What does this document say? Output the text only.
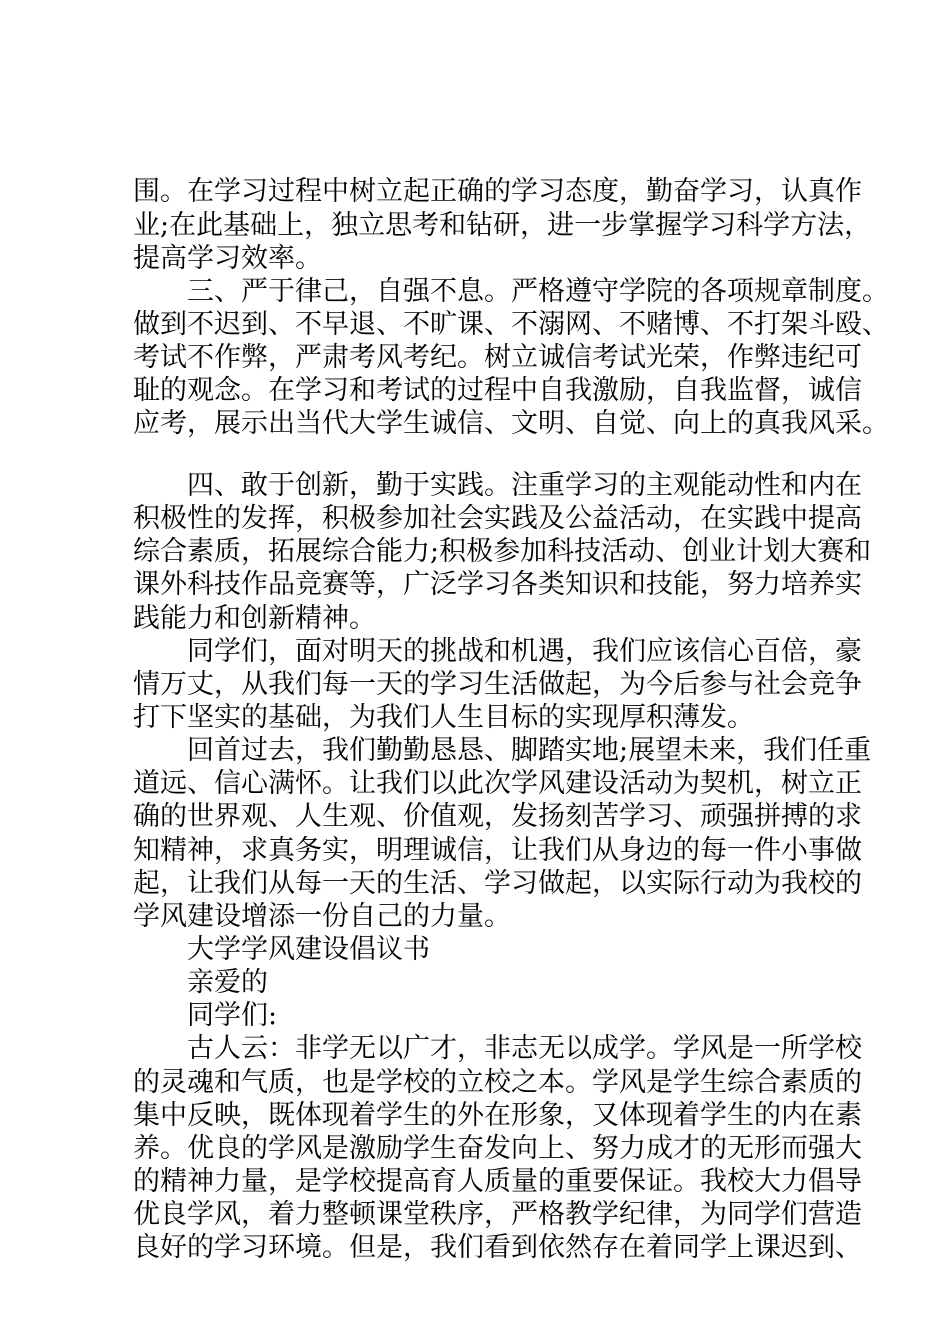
围。在学习过程中树立起正确的学习态度，勤奋学习，认真作

业;在此基础上，独立思考和钻研，进一步掌握学习科学方法，

提高学习效率。

三、严于律己，自强不息。严格遵守学院的各项规章制度。

做到不迟到、不早退、不旷课、不溺网、不赌博、不打架斗殴、

考试不作弊，严肃考风考纪。树立诚信考试光荣，作弊违纪可

耻的观念。在学习和考试的过程中自我激励，自我监督，诚信

应考，展示出当代大学生诚信、文明、自觉、向上的真我风采。

四、敢于创新，勤于实践。注重学习的主观能动性和内在

积极性的发挥，积极参加社会实践及公益活动，在实践中提高

综合素质，拓展综合能力;积极参加科技活动、创业计划大赛和

课外科技作品竞赛等，广泛学习各类知识和技能，努力培养实

践能力和创新精神。

同学们，面对明天的挑战和机遇，我们应该信心百倍，豪

情万丈，从我们每一天的学习生活做起，为今后参与社会竞争

打下坚实的基础，为我们人生目标的实现厚积薄发。

回首过去，我们勤勤恳恳、脚踏实地;展望未来，我们任重

道远、信心满怀。让我们以此次学风建设活动为契机，树立正

确的世界观、人生观、价值观，发扬刻苦学习、顽强拼搏的求

知精神，求真务实，明理诚信，让我们从身边的每一件小事做

起，让我们从每一天的生活、学习做起，以实际行动为我校的

学风建设增添一份自己的力量。

大学学风建设倡议书

亲爱的

同学们:

古人云：非学无以广才，非志无以成学。学风是一所学校

的灵魂和气质，也是学校的立校之本。学风是学生综合素质的

集中反映，既体现着学生的外在形象，又体现着学生的内在素

养。优良的学风是激励学生奋发向上、努力成才的无形而强大

的精神力量，是学校提高育人质量的重要保证。我校大力倡导

优良学风，着力整顿课堂秩序，严格教学纪律，为同学们营造

良好的学习环境。但是，我们看到依然存在着同学上课迟到、
